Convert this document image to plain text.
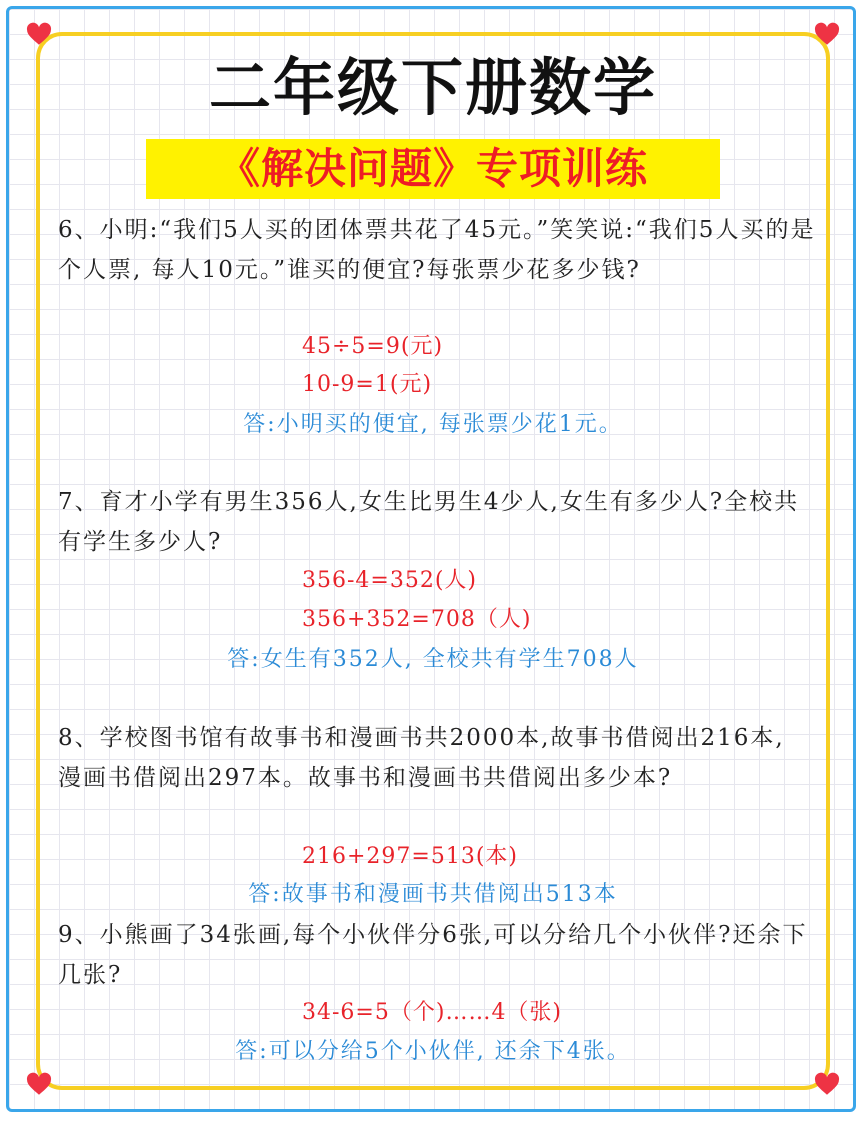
二年级下册数学
《解决问题》专项训练

6、小明:“我们5人买的团体票共花了45元。”笑笑说:“我们5人买的是个人票, 每人10元。”谁买的便宜?每张票少花多少钱?

45÷5=9(元)
10-9=1(元)
答:小明买的便宜, 每张票少花1元。

7、育才小学有男生356人,女生比男生4少人,女生有多少人?全校共有学生多少人?

356-4=352(人)
356+352=708（人)
答:女生有352人, 全校共有学生708人

8、学校图书馆有故事书和漫画书共2000本,故事书借阅出216本, 漫画书借阅出297本。故事书和漫画书共借阅出多少本?

216+297=513(本)
答:故事书和漫画书共借阅出513本

9、小熊画了34张画,每个小伙伴分6张,可以分给几个小伙伴?还余下几张?

34-6=5（个)……4（张)
答:可以分给5个小伙伴, 还余下4张。
